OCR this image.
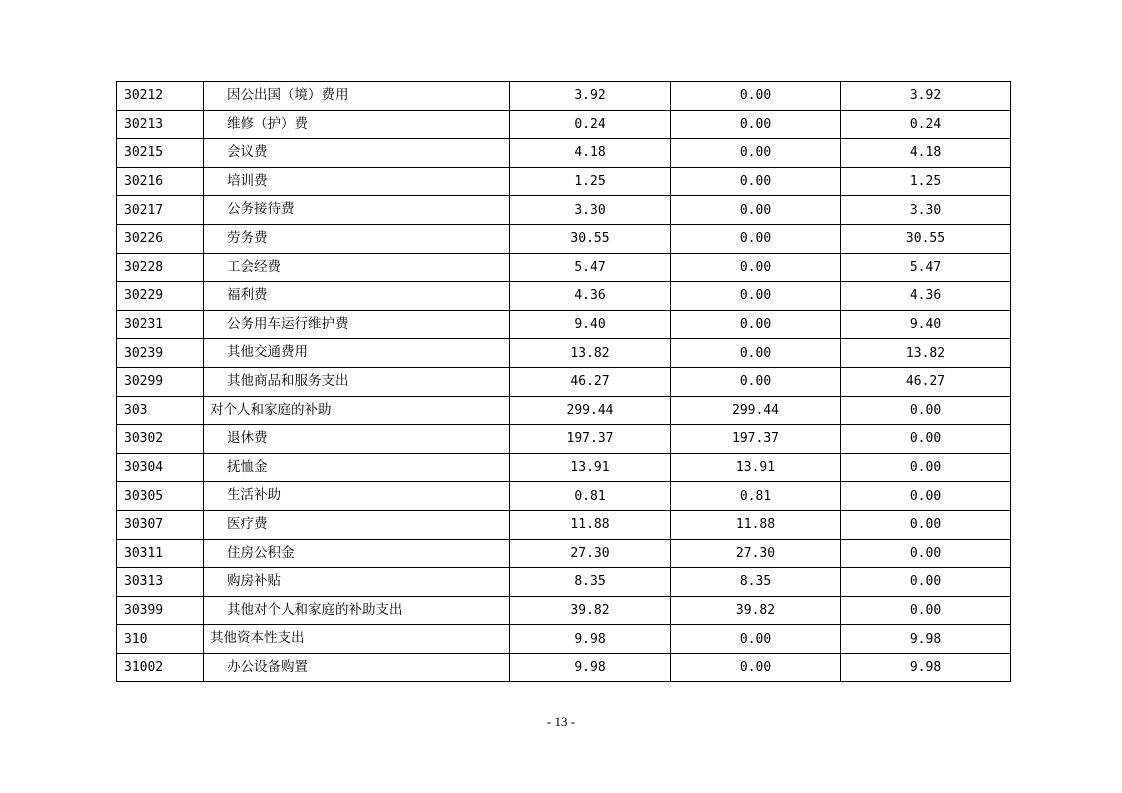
30212	因公出国（境）费用	3.92	0.00	3.92
30213	维修（护）费	0.24	0.00	0.24
30215	会议费	4.18	0.00	4.18
30216	培训费	1.25	0.00	1.25
30217	公务接待费	3.30	0.00	3.30
30226	劳务费	30.55	0.00	30.55
30228	工会经费	5.47	0.00	5.47
30229	福利费	4.36	0.00	4.36
30231	公务用车运行维护费	9.40	0.00	9.40
30239	其他交通费用	13.82	0.00	13.82
30299	其他商品和服务支出	46.27	0.00	46.27
303	对个人和家庭的补助	299.44	299.44	0.00
30302	退休费	197.37	197.37	0.00
30304	抚恤金	13.91	13.91	0.00
30305	生活补助	0.81	0.81	0.00
30307	医疗费	11.88	11.88	0.00
30311	住房公积金	27.30	27.30	0.00
30313	购房补贴	8.35	8.35	0.00
30399	其他对个人和家庭的补助支出	39.82	39.82	0.00
310	其他资本性支出	9.98	0.00	9.98
31002	办公设备购置	9.98	0.00	9.98
- 13 -
